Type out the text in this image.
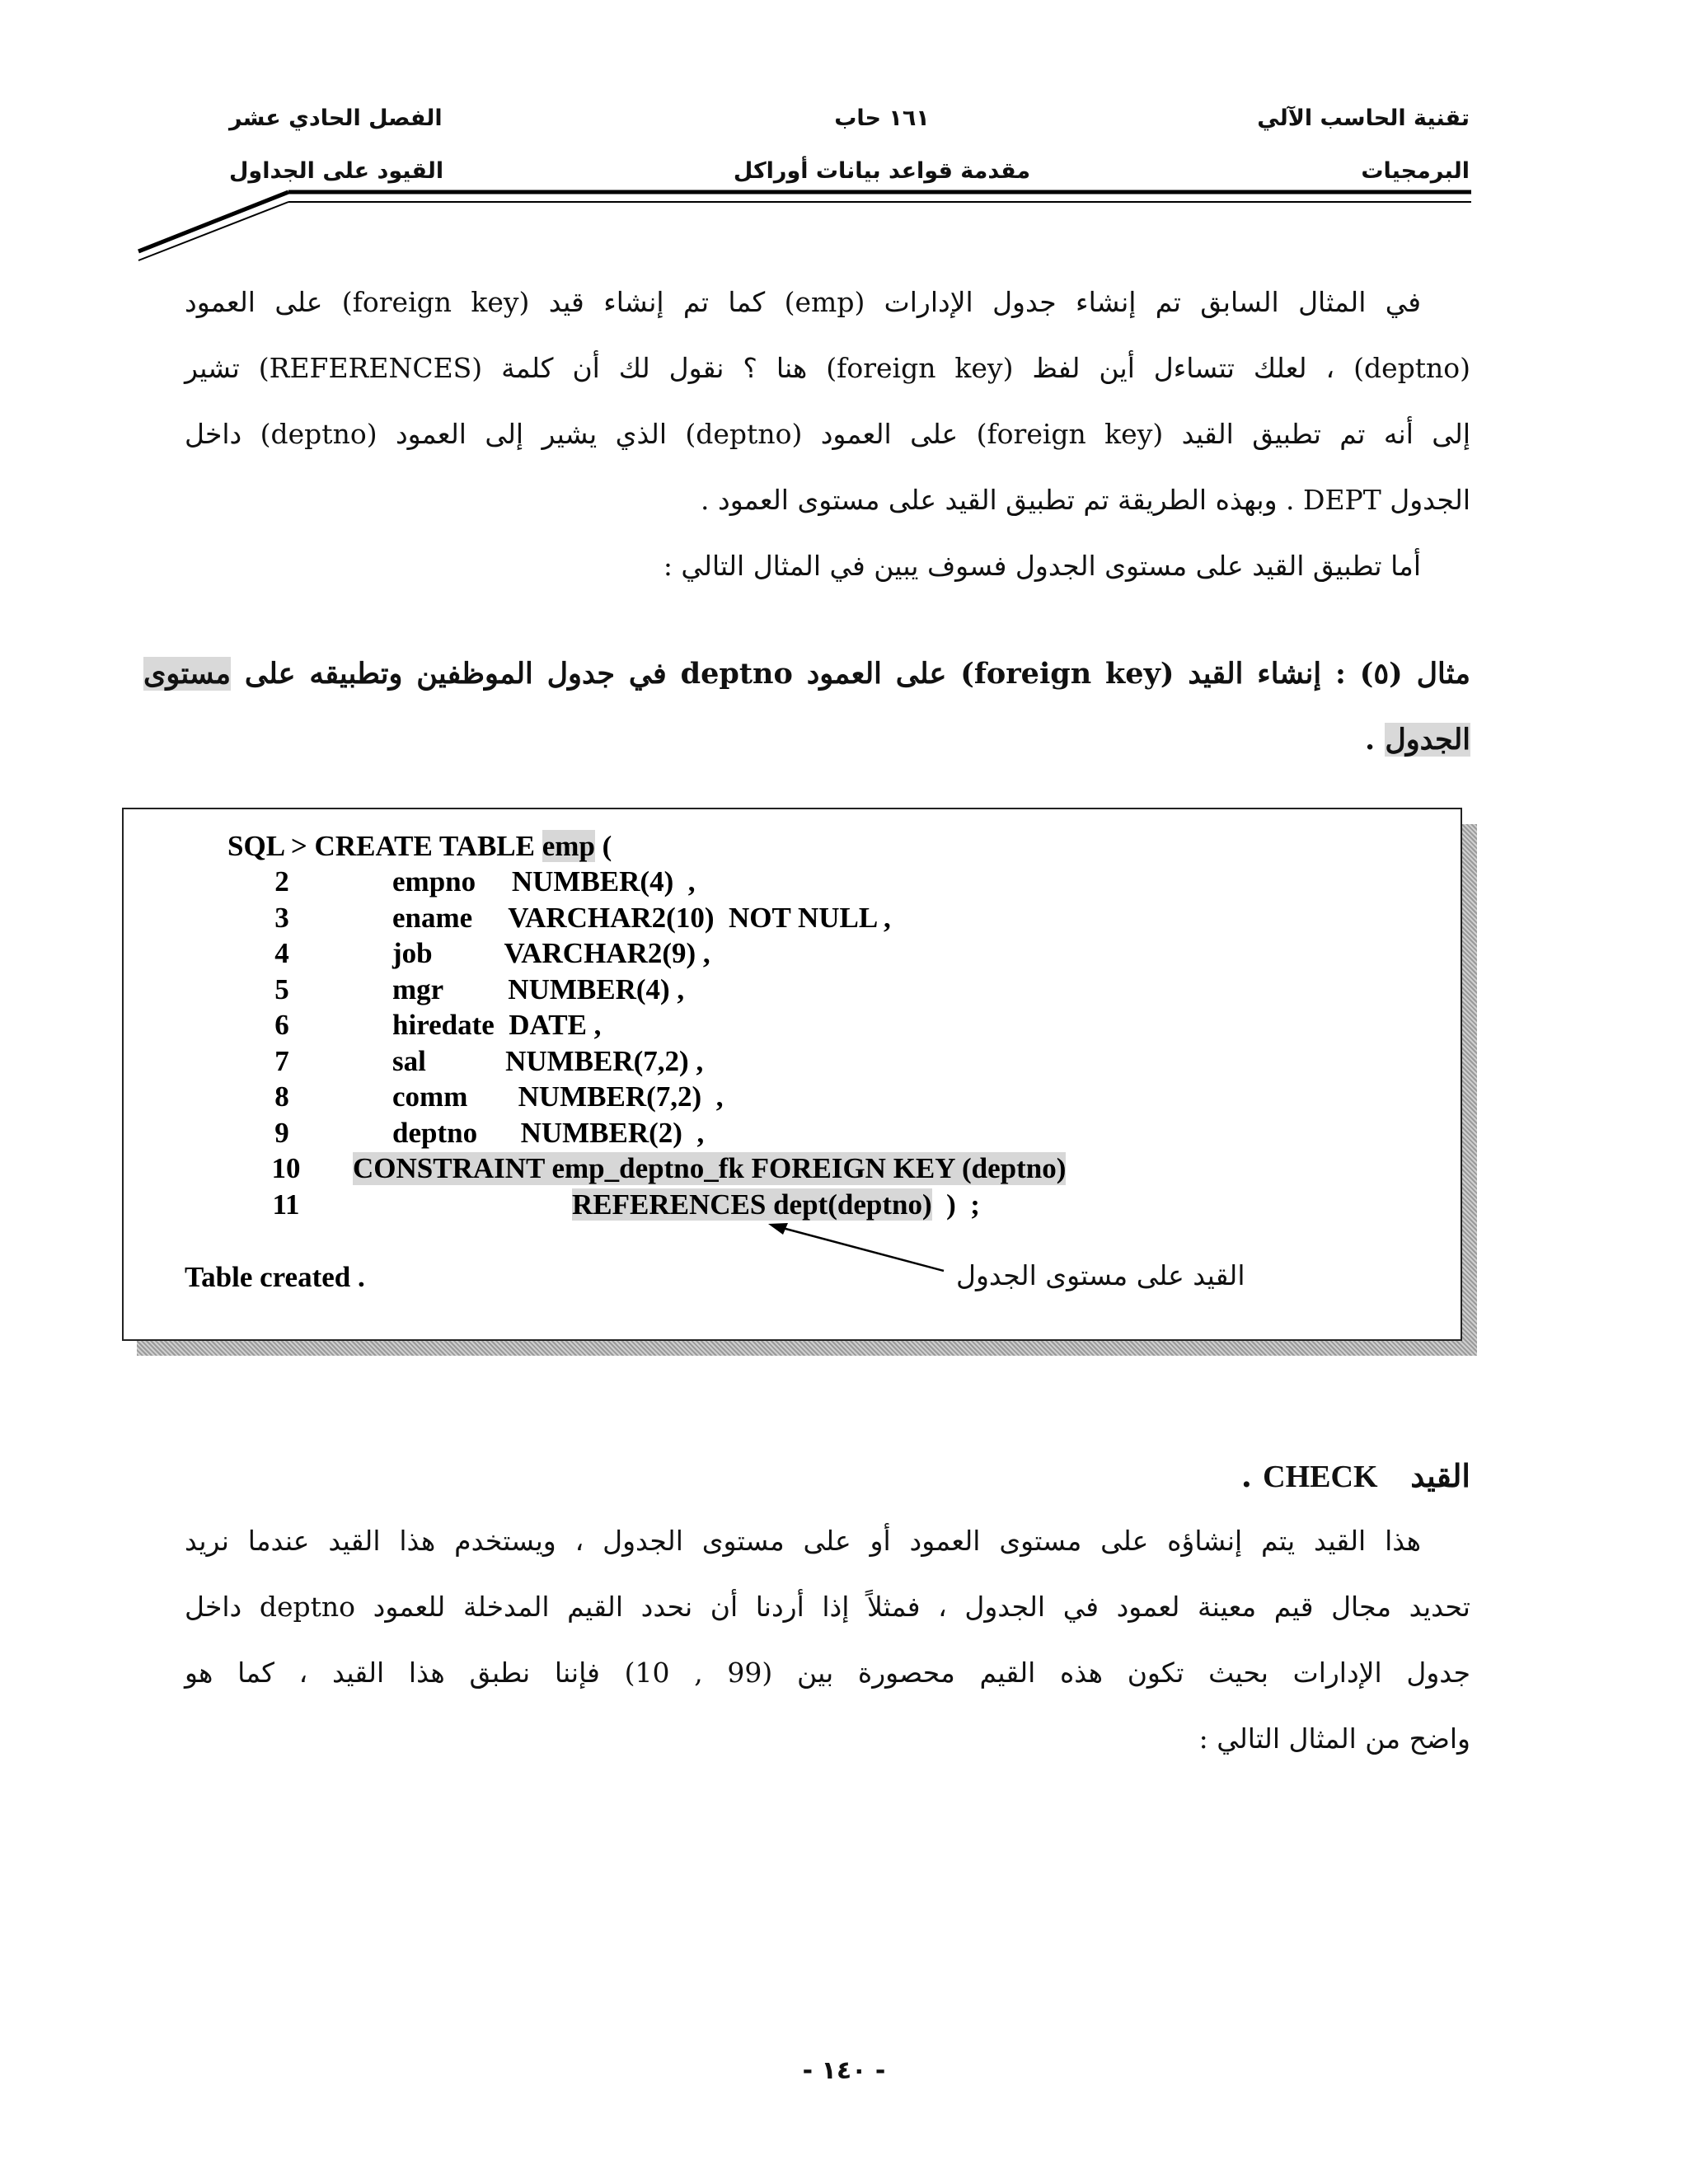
تقنية الحاسب الآلي
١٦١ حاب
الفصل الحادي عشر
البرمجيات
مقدمة قواعد بيانات أوراكل
القيود على الجداول
في المثال السابق تم إنشاء جدول الإدارات (emp) كما تم إنشاء قيد (foreign key) على العمود
(deptno) ، لعلك تتساءل أين لفظ (foreign key) هنا ؟ نقول لك أن كلمة (REFERENCES) تشير
إلى أنه تم تطبيق القيد (foreign key) على العمود (deptno) الذي يشير إلى العمود (deptno) داخل
الجدول DEPT . وبهذه الطريقة تم تطبيق القيد على مستوى العمود .
أما تطبيق القيد على مستوى الجدول فسوف يبين في المثال التالي :
مثال (٥) : إنشاء القيد (foreign key) على العمود deptno في جدول الموظفين وتطبيقه على مستوى
الجدول .
SQL > CREATE TABLE emp (
2	empno     NUMBER(4)  ,
3	ename     VARCHAR2(10)  NOT NULL ,
4	job          VARCHAR2(9) ,
5	mgr         NUMBER(4) ,
6	hiredate  DATE ,
7	sal           NUMBER(7,2) ,
8	comm       NUMBER(7,2)  ,
9	deptno      NUMBER(2)  ,
10 CONSTRAINT emp_deptno_fk FOREIGN KEY (deptno)
11	REFERENCES dept(deptno)  )  ;
Table created .	القيد على مستوى الجدول
القيد   CHECK .
هذا القيد يتم إنشاؤه على مستوى العمود أو على مستوى الجدول ، ويستخدم هذا القيد عندما نريد
تحديد مجال قيم معينة لعمود في الجدول ، فمثلاً إذا أردنا أن نحدد القيم المدخلة للعمود deptno داخل
جدول الإدارات بحيث تكون هذه القيم محصورة بين (99 , 10) فإننا نطبق هذا القيد ، كما هو
واضح من المثال التالي :
- ١٤٠ -
